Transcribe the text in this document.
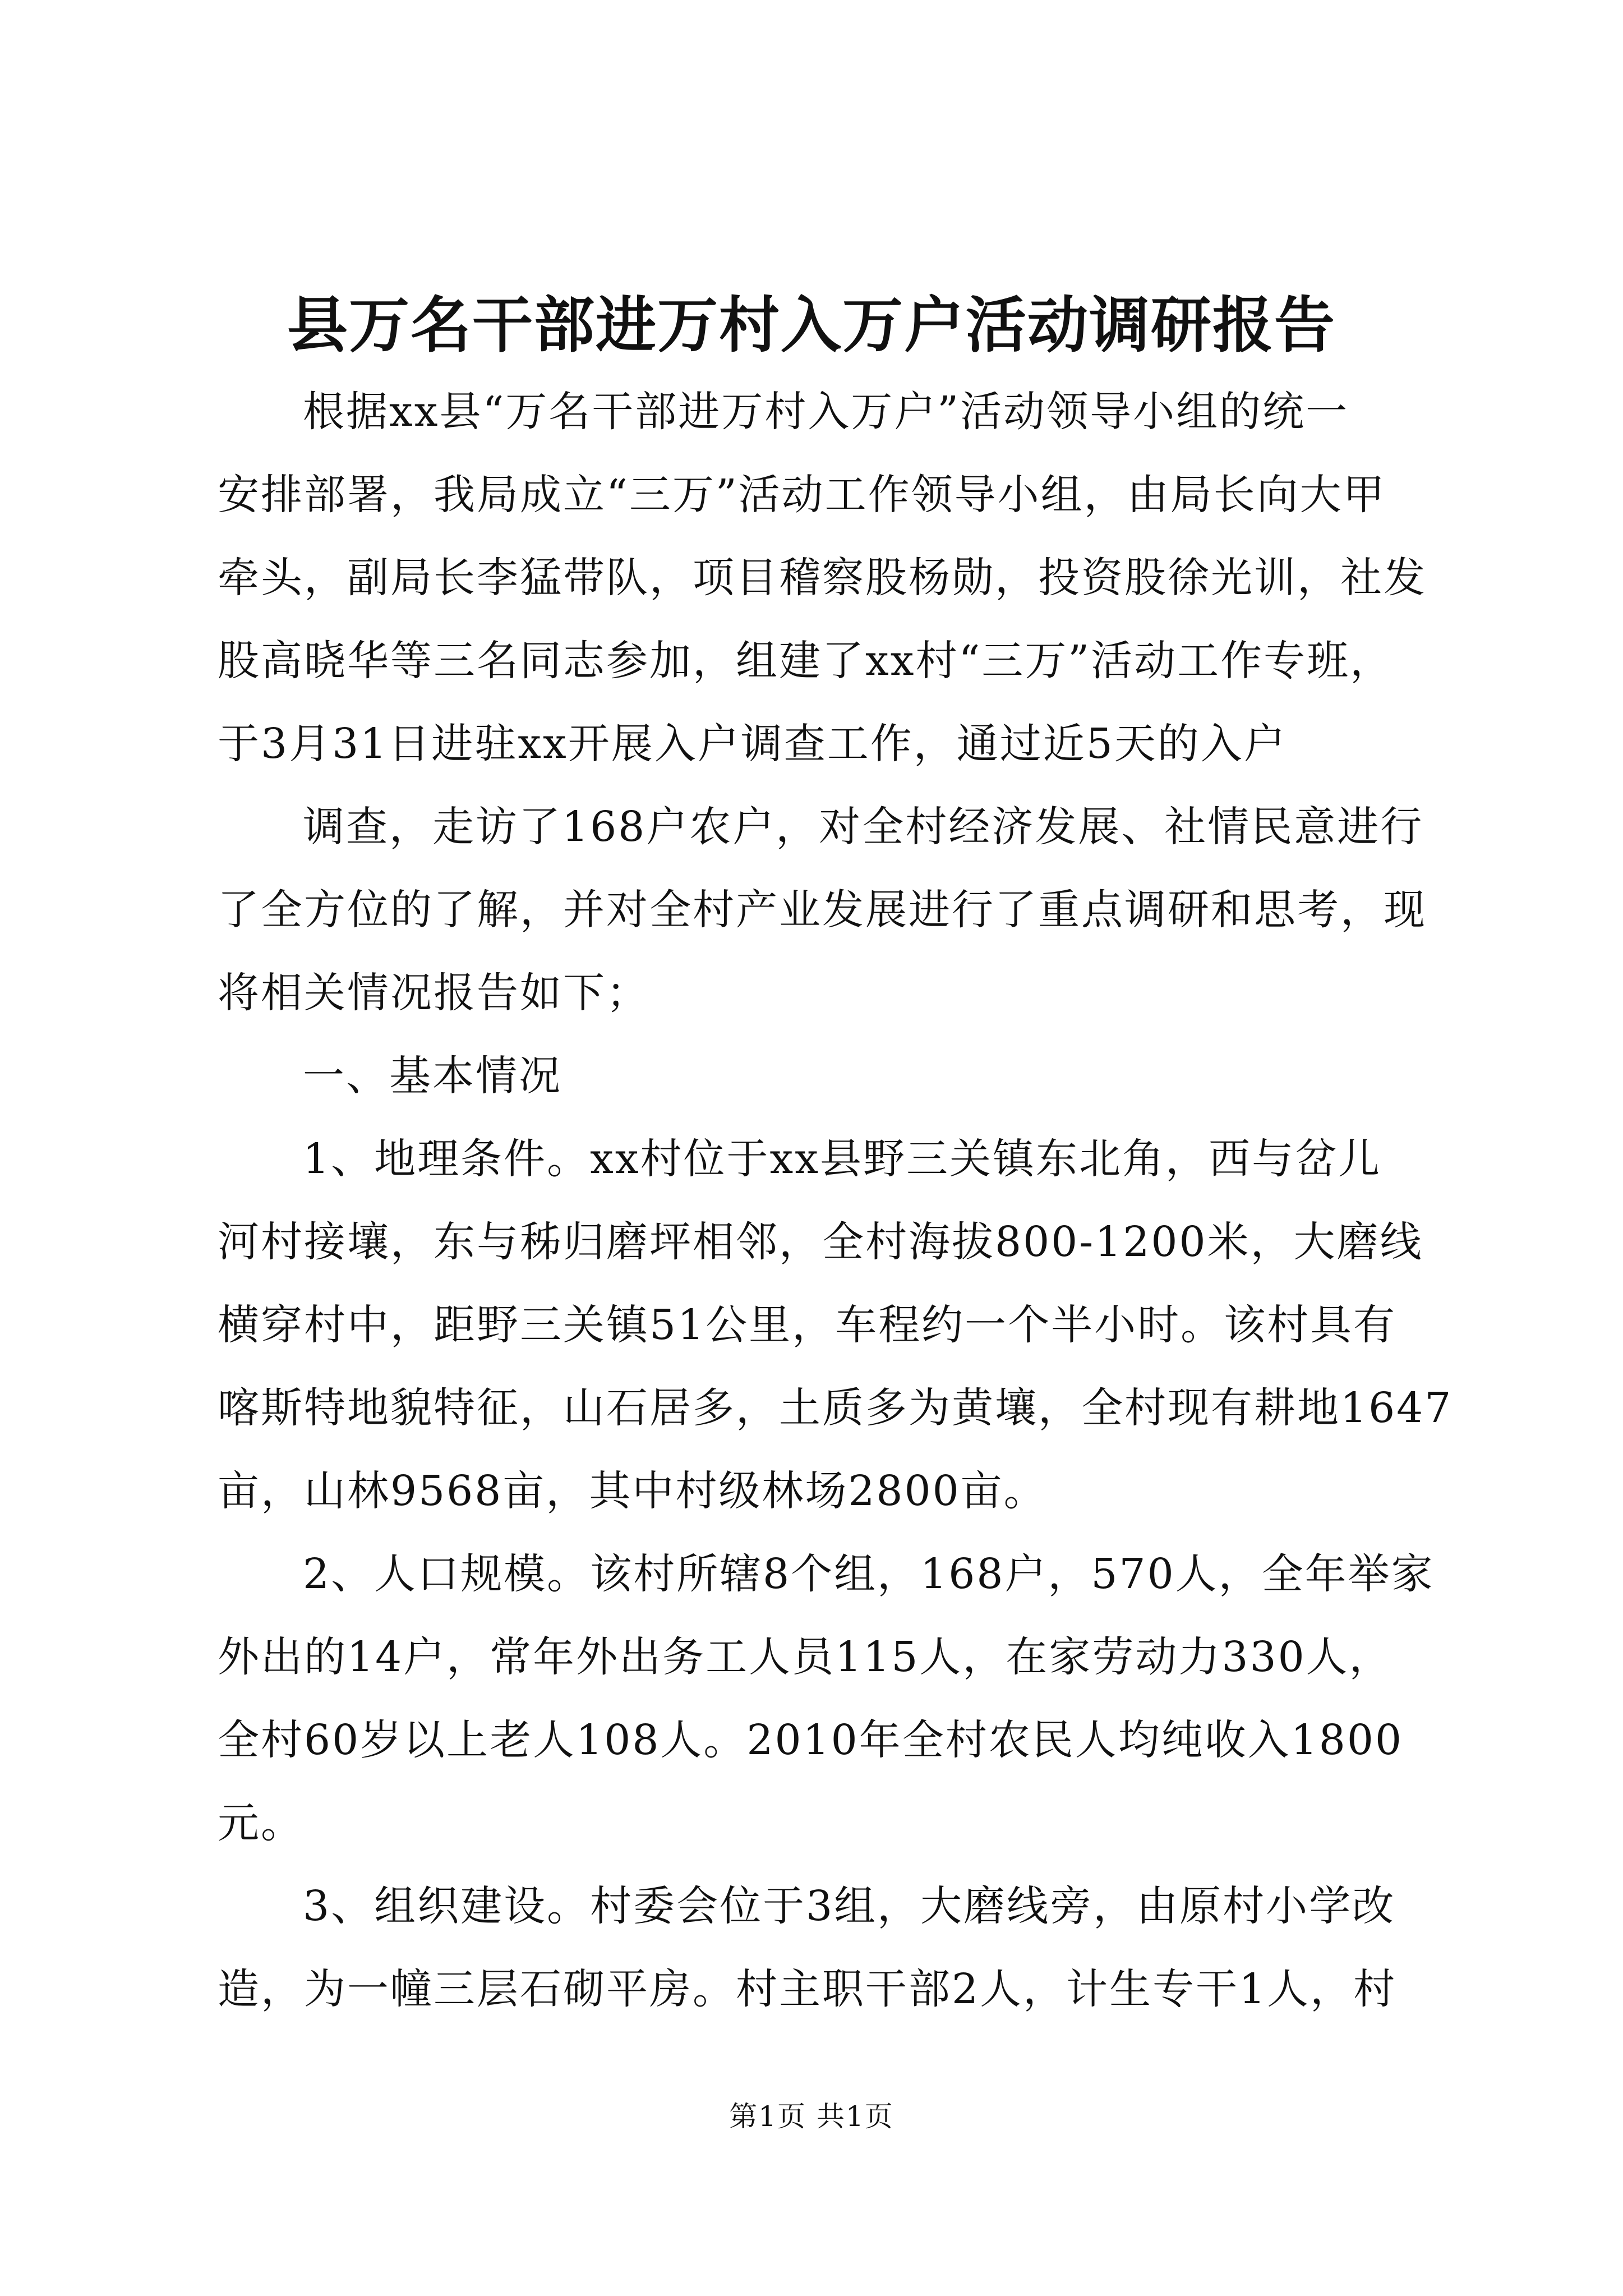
县万名干部进万村入万户活动调研报告
根据xx县“万名干部进万村入万户”活动领导小组的统一
安排部署，我局成立“三万”活动工作领导小组，由局长向大甲
牵头，副局长李猛带队，项目稽察股杨勋，投资股徐光训，社发
股高晓华等三名同志参加，组建了xx村“三万”活动工作专班，
于3月31日进驻xx开展入户调查工作，通过近5天的入户
调查，走访了168户农户，对全村经济发展、社情民意进行
了全方位的了解，并对全村产业发展进行了重点调研和思考，现
将相关情况报告如下；
一、基本情况
1、地理条件。xx村位于xx县野三关镇东北角，西与岔儿
河村接壤，东与秭归磨坪相邻，全村海拔800-1200米，大磨线
横穿村中，距野三关镇51公里，车程约一个半小时。该村具有
喀斯特地貌特征，山石居多，土质多为黄壤，全村现有耕地1647
亩，山林9568亩，其中村级林场2800亩。
2、人口规模。该村所辖8个组，168户，570人，全年举家
外出的14户，常年外出务工人员115人，在家劳动力330人，
全村60岁以上老人108人。2010年全村农民人均纯收入1800
元。
3、组织建设。村委会位于3组，大磨线旁，由原村小学改
造，为一幢三层石砌平房。村主职干部2人，计生专干1人，村
第1页 共1页
